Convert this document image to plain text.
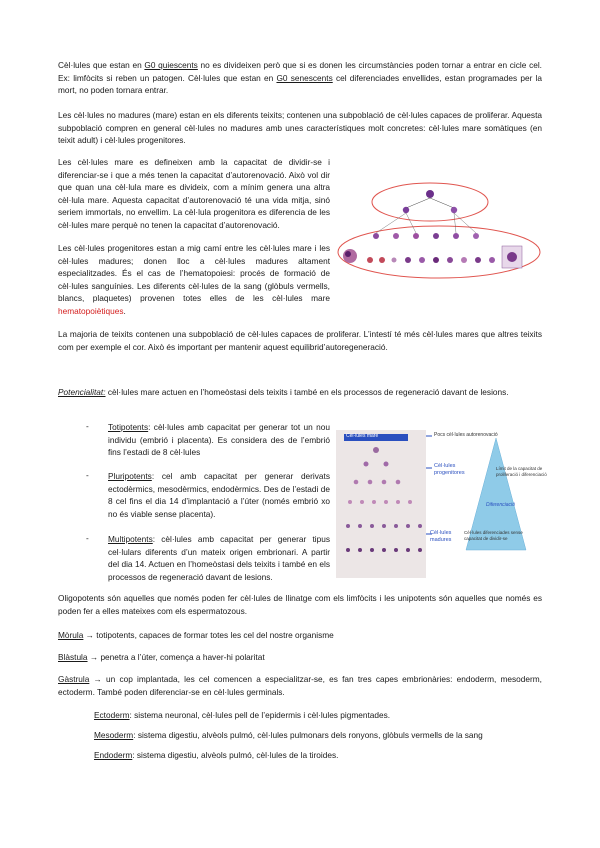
Cèl·lules que estan en G0 quiescents no es divideixen però que si es donen les circumstàncies poden tornar a entrar en cicle cel. Ex: limfòcits si reben un patogen. Cèl·lules que estan en G0 senescents cel diferenciades envellides, estan programades per la mort, no poden tornara entrar.

Les cèl·lules no madures (mare) estan en els diferents teixits; contenen una subpoblació de cèl·lules capaces de proliferar. Aquesta subpoblació compren en general cèl·lules no madures amb unes característiques molt concretes: cèl·lules mare somàtiques (en teixit adult) i cèl·lules progenitores.

Les cèl·lules mare es defineixen amb la capacitat de dividir-se i diferenciar-se i que a més tenen la capacitat d’autorenovació. Això vol dir que quan una cèl·lula mare es divideix, com a mínim genera una altra cèl·lula mare. Aquesta capacitat d’autorenovació té una vida mitja, sinó seriem immortals, no envellim. La cèl·lula progenitora es diferencia de les cèl·lules mare perquè no tenen la capacitat d’autorenovació.

Les cèl·lules progenitores estan a mig camí entre les cèl·lules mare i les cèl·lules madures; donen lloc a cèl·lules madures altament especialitzades. És el cas de l’hematopoiesi: procés de formació de cèl·lules sanguínies. Les diferents cèl·lules de la sang (glòbuls vermells, blancs, plaquetes) provenen totes elles de les cèl·lules mare hematopoiètiques.

La majoria de teixits contenen una subpoblació de cèl·lules capaces de proliferar. L’intestí té més cèl·lules mares que altres teixits com per exemple el cor. Això és important per mantenir aquest equilibrid’autoregeneració.

Potencialitat: cèl·lules mare actuen en l’homeòstasi dels teixits i també en els processos de regeneració davant de lesions.

- Totipotents: cèl·lules amb capacitat per generar tot un nou individu (embrió i placenta). Es considera des de l’embrió fins l’estadi de 8 cèl·lules

- Pluripotents: cel amb capacitat per generar derivats ectodèrmics, mesodèrmics, endodèrmics. Des de l’estadi de 8 cel fins el dia 14 d’implantació a l’úter (només embrió xo no és viable sense placenta).

- Multipotents: cèl·lules amb capacitat per generar tipus cel·lulars diferents d’un mateix origen embrionari. A partir del dia 14. Actuen en l’homeòstasi dels teixits i també en els processos de regeneració davant de lesions.

Cèl·lules mare	Pocs cèl·lules autorenovació
Cèl·lules progenitores
Límit de la capacitat de proliferació i diferenciació
Diferenciació
Cèl·lules madures
Cèl·lules diferenciades sense capacitat de dividir-se

Oligopotents són aquelles que només poden fer cèl·lules de llinatge com els limfòcits i les unipotents són aquelles que només es poden fer a elles mateixes com els espermatozous.

Mòrula → totipotents, capaces de formar totes les cel del nostre organisme

Blàstula → penetra a l’úter, comença a haver-hi polaritat

Gàstrula → un cop implantada, les cel comencen a especialitzar-se, es fan tres capes embrionàries: endoderm, mesoderm, ectoderm. També poden diferenciar-se en cèl·lules germinals.

Ectoderm: sistema neuronal, cèl·lules pell de l’epidermis i cèl·lules pigmentades.

Mesoderm: sistema digestiu, alvèols pulmó, cèl·lules pulmonars dels ronyons, glòbuls vermells de la sang

Endoderm: sistema digestiu, alvèols pulmó, cèl·lules de la tiroides.
